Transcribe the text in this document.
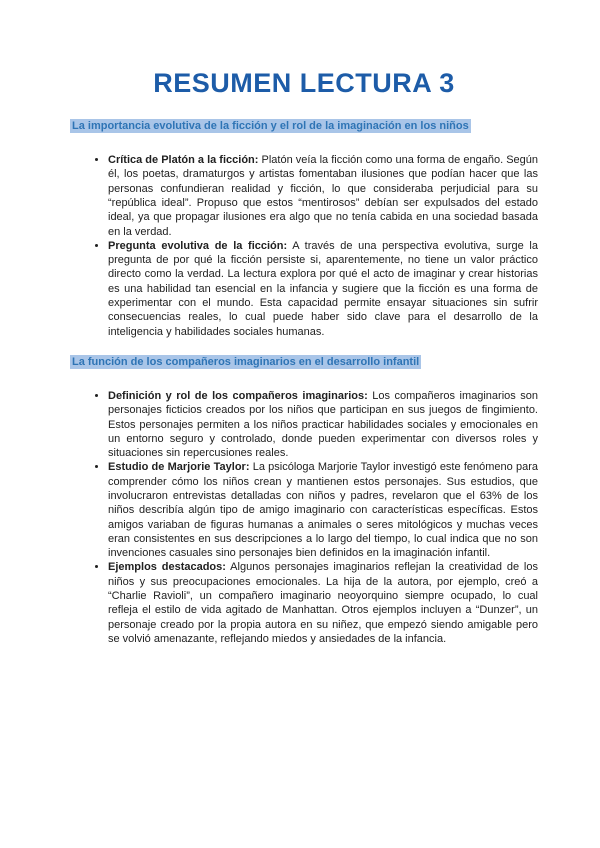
RESUMEN LECTURA 3
La importancia evolutiva de la ficción y el rol de la imaginación en los niños
• Crítica de Platón a la ficción: Platón veía la ficción como una forma de engaño. Según él, los poetas, dramaturgos y artistas fomentaban ilusiones que podían hacer que las personas confundieran realidad y ficción, lo que consideraba perjudicial para su “república ideal”. Propuso que estos “mentirosos” debían ser expulsados del estado ideal, ya que propagar ilusiones era algo que no tenía cabida en una sociedad basada en la verdad.
• Pregunta evolutiva de la ficción: A través de una perspectiva evolutiva, surge la pregunta de por qué la ficción persiste si, aparentemente, no tiene un valor práctico directo como la verdad. La lectura explora por qué el acto de imaginar y crear historias es una habilidad tan esencial en la infancia y sugiere que la ficción es una forma de experimentar con el mundo. Esta capacidad permite ensayar situaciones sin sufrir consecuencias reales, lo cual puede haber sido clave para el desarrollo de la inteligencia y habilidades sociales humanas.
La función de los compañeros imaginarios en el desarrollo infantil
• Definición y rol de los compañeros imaginarios: Los compañeros imaginarios son personajes ficticios creados por los niños que participan en sus juegos de fingimiento. Estos personajes permiten a los niños practicar habilidades sociales y emocionales en un entorno seguro y controlado, donde pueden experimentar con diversos roles y situaciones sin repercusiones reales.
• Estudio de Marjorie Taylor: La psicóloga Marjorie Taylor investigó este fenómeno para comprender cómo los niños crean y mantienen estos personajes. Sus estudios, que involucraron entrevistas detalladas con niños y padres, revelaron que el 63% de los niños describía algún tipo de amigo imaginario con características específicas. Estos amigos variaban de figuras humanas a animales o seres mitológicos y muchas veces eran consistentes en sus descripciones a lo largo del tiempo, lo cual indica que no son invenciones casuales sino personajes bien definidos en la imaginación infantil.
• Ejemplos destacados: Algunos personajes imaginarios reflejan la creatividad de los niños y sus preocupaciones emocionales. La hija de la autora, por ejemplo, creó a “Charlie Ravioli”, un compañero imaginario neoyorquino siempre ocupado, lo cual refleja el estilo de vida agitado de Manhattan. Otros ejemplos incluyen a “Dunzer”, un personaje creado por la propia autora en su niñez, que empezó siendo amigable pero se volvió amenazante, reflejando miedos y ansiedades de la infancia.
